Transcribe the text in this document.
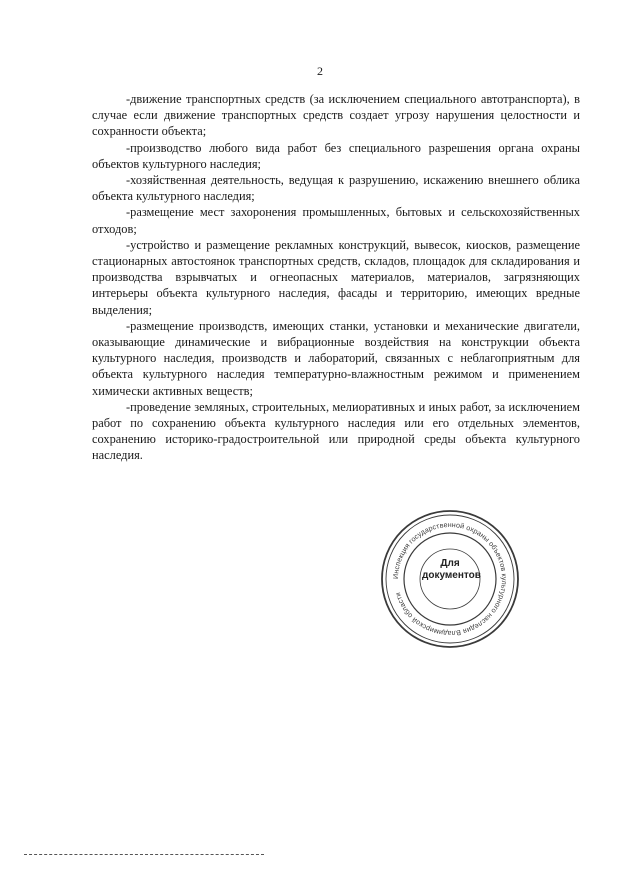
2

-движение транспортных средств (за исключением специального автотранспорта), в случае если движение транспортных средств создает угрозу нарушения целостности и сохранности объекта;

-производство любого вида работ без специального разрешения органа охраны объектов культурного наследия;

-хозяйственная деятельность, ведущая к разрушению, искажению внешнего облика объекта культурного наследия;

-размещение мест захоронения промышленных, бытовых и сельскохозяйственных отходов;

-устройство и размещение рекламных конструкций, вывесок, киосков, размещение стационарных автостоянок транспортных средств, складов, площадок для складирования и производства взрывчатых и огнеопасных материалов, материалов, загрязняющих интерьеры объекта культурного наследия, фасады и территорию, имеющих вредные выделения;

-размещение производств, имеющих станки, установки и механические двигатели, оказывающие динамические и вибрационные воздействия на конструкции объекта культурного наследия, производств и лабораторий, связанных с неблагоприятным для объекта культурного наследия температурно-влажностным режимом и применением химически активных веществ;

-проведение земляных, строительных, мелиоративных и иных работ, за исключением работ по сохранению объекта культурного наследия или его отдельных элементов, сохранению историко-градостроительной или природной среды объекта культурного наследия.

Инспекция государственной охраны объектов культурного наследия Владимирской области
Для
документов
